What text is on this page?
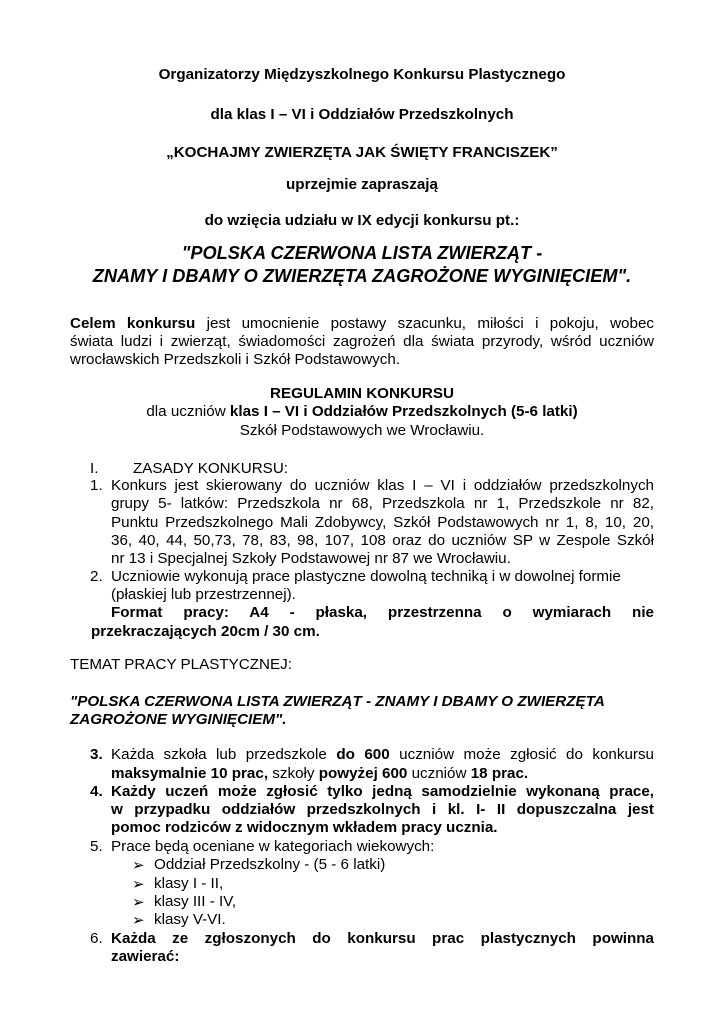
Organizatorzy Międzyszkolnego Konkursu Plastycznego
dla klas I – VI i Oddziałów Przedszkolnych
„KOCHAJMY ZWIERZĘTA JAK ŚWIĘTY FRANCISZEK”
uprzejmie zapraszają
do wzięcia udziału w IX edycji konkursu pt.:
"POLSKA CZERWONA LISTA ZWIERZĄT -
ZNAMY I DBAMY O ZWIERZĘTA ZAGROŻONE WYGINIĘCIEM".
Celem konkursu jest umocnienie postawy szacunku, miłości i pokoju, wobec
świata ludzi i zwierząt, świadomości zagrożeń dla świata przyrody, wśród uczniów
wrocławskich Przedszkoli i Szkół Podstawowych.
REGULAMIN KONKURSU
dla uczniów klas I – VI i Oddziałów Przedszkolnych (5-6 latki)
Szkół Podstawowych we Wrocławiu.
I. ZASADY KONKURSU:
1. Konkurs jest skierowany do uczniów klas I – VI i oddziałów przedszkolnych
grupy 5- latków: Przedszkola nr 68, Przedszkola nr 1, Przedszkole nr 82,
Punktu Przedszkolnego Mali Zdobywcy, Szkół Podstawowych nr 1, 8, 10, 20,
36, 40, 44, 50,73, 78, 83, 98, 107, 108 oraz do uczniów SP w Zespole Szkół
nr 13 i Specjalnej Szkoły Podstawowej nr 87 we Wrocławiu.
2. Uczniowie wykonują prace plastyczne dowolną techniką i w dowolnej formie
(płaskiej lub przestrzennej).
Format pracy: A4 - płaska, przestrzenna o wymiarach nie
przekraczających 20cm / 30 cm.
TEMAT PRACY PLASTYCZNEJ:
"POLSKA CZERWONA LISTA ZWIERZĄT - ZNAMY I DBAMY O ZWIERZĘTA
ZAGROŻONE WYGINIĘCIEM".
3. Każda szkoła lub przedszkole do 600 uczniów może zgłosić do konkursu
maksymalnie 10 prac, szkoły powyżej 600 uczniów 18 prac.
4. Każdy uczeń może zgłosić tylko jedną samodzielnie wykonaną prace,
w przypadku oddziałów przedszkolnych i kl. I- II dopuszczalna jest
pomoc rodziców z widocznym wkładem pracy ucznia.
5. Prace będą oceniane w kategoriach wiekowych:
➢ Oddział Przedszkolny - (5 - 6 latki)
➢ klasy I - II,
➢ klasy III - IV,
➢ klasy V-VI.
6. Każda ze zgłoszonych do konkursu prac plastycznych powinna
zawierać:
